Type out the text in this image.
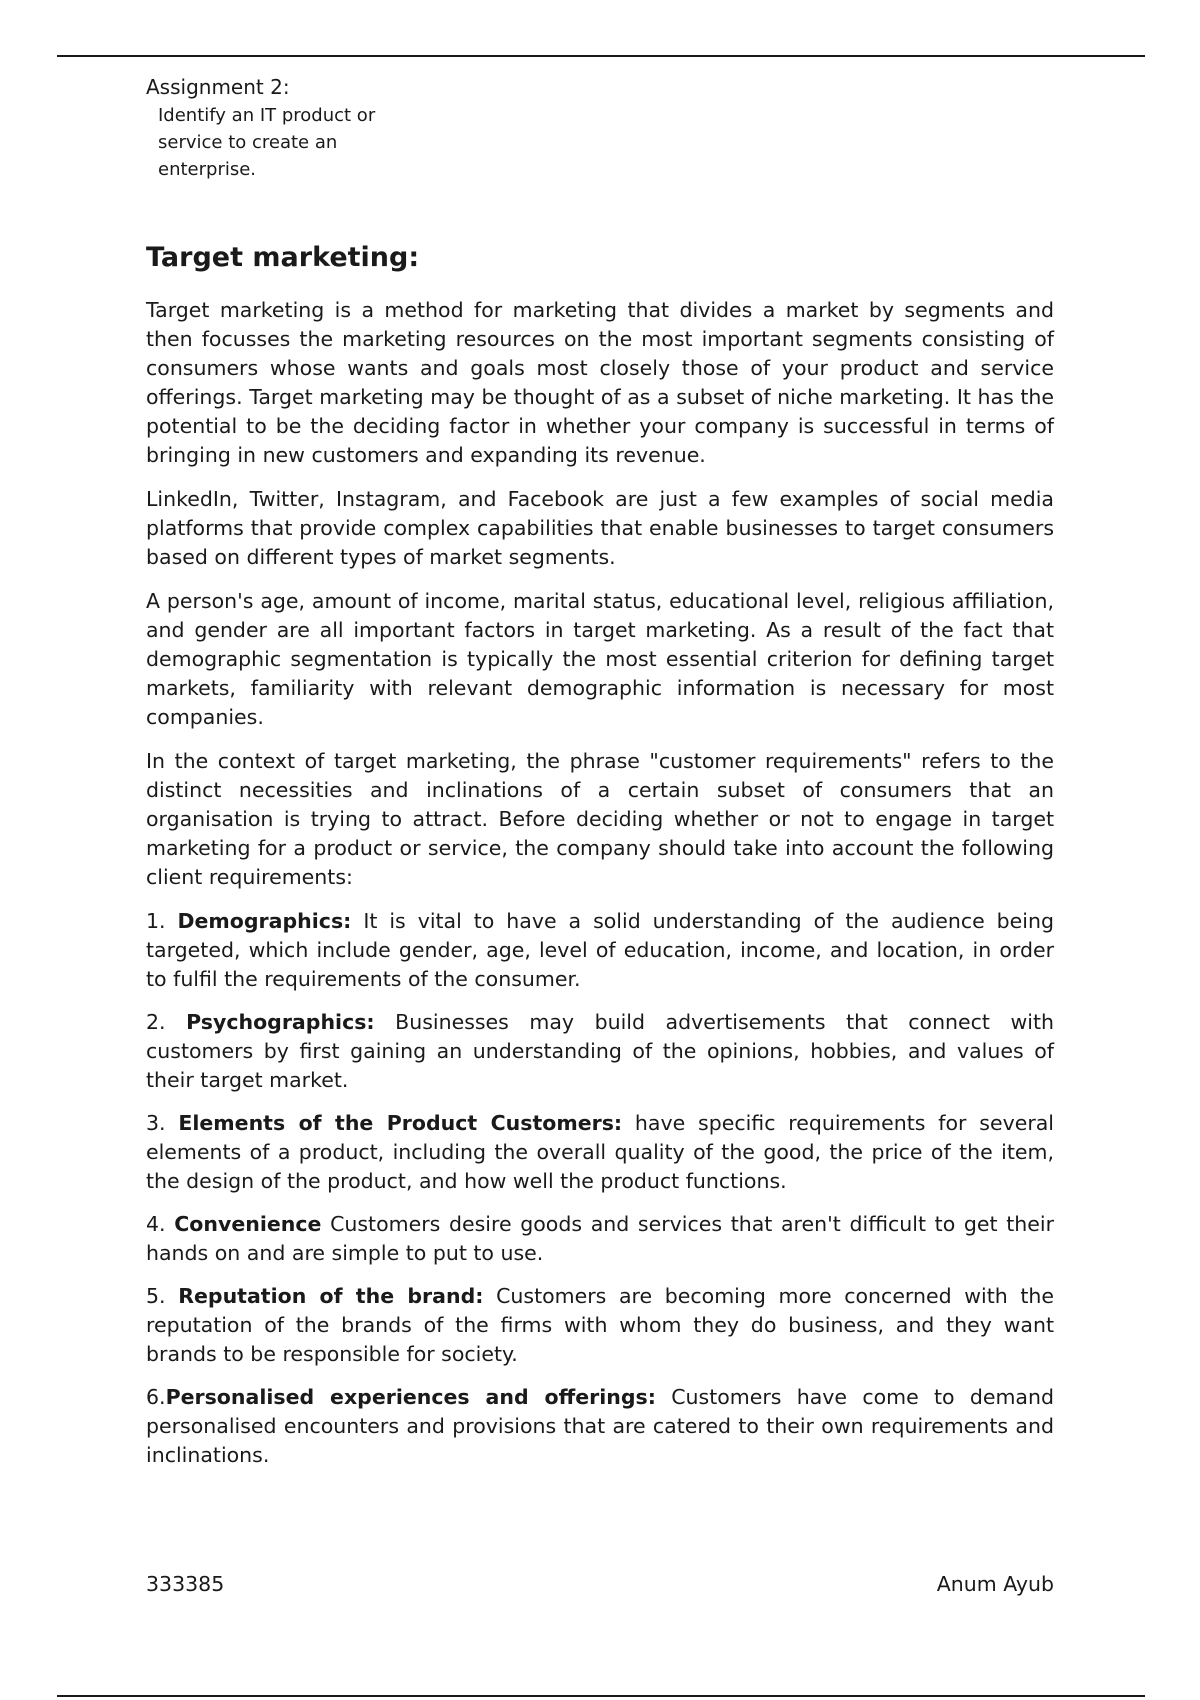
Assignment 2:

Identify an IT product or service to create an enterprise.

Target marketing:

Target marketing is a method for marketing that divides a market by segments and then focusses the marketing resources on the most important segments consisting of consumers whose wants and goals most closely those of your product and service offerings. Target marketing may be thought of as a subset of niche marketing. It has the potential to be the deciding factor in whether your company is successful in terms of bringing in new customers and expanding its revenue.

LinkedIn, Twitter, Instagram, and Facebook are just a few examples of social media platforms that provide complex capabilities that enable businesses to target consumers based on different types of market segments.

A person's age, amount of income, marital status, educational level, religious affiliation, and gender are all important factors in target marketing. As a result of the fact that demographic segmentation is typically the most essential criterion for defining target markets, familiarity with relevant demographic information is necessary for most companies.

In the context of target marketing, the phrase "customer requirements" refers to the distinct necessities and inclinations of a certain subset of consumers that an organisation is trying to attract. Before deciding whether or not to engage in target marketing for a product or service, the company should take into account the following client requirements:

1. Demographics: It is vital to have a solid understanding of the audience being targeted, which include gender, age, level of education, income, and location, in order to fulfil the requirements of the consumer.

2. Psychographics: Businesses may build advertisements that connect with customers by first gaining an understanding of the opinions, hobbies, and values of their target market.

3. Elements of the Product Customers: have specific requirements for several elements of a product, including the overall quality of the good, the price of the item, the design of the product, and how well the product functions.

4. Convenience Customers desire goods and services that aren't difficult to get their hands on and are simple to put to use.

5. Reputation of the brand: Customers are becoming more concerned with the reputation of the brands of the firms with whom they do business, and they want brands to be responsible for society.

6.Personalised experiences and offerings: Customers have come to demand personalised encounters and provisions that are catered to their own requirements and inclinations.

333385	Anum Ayub
